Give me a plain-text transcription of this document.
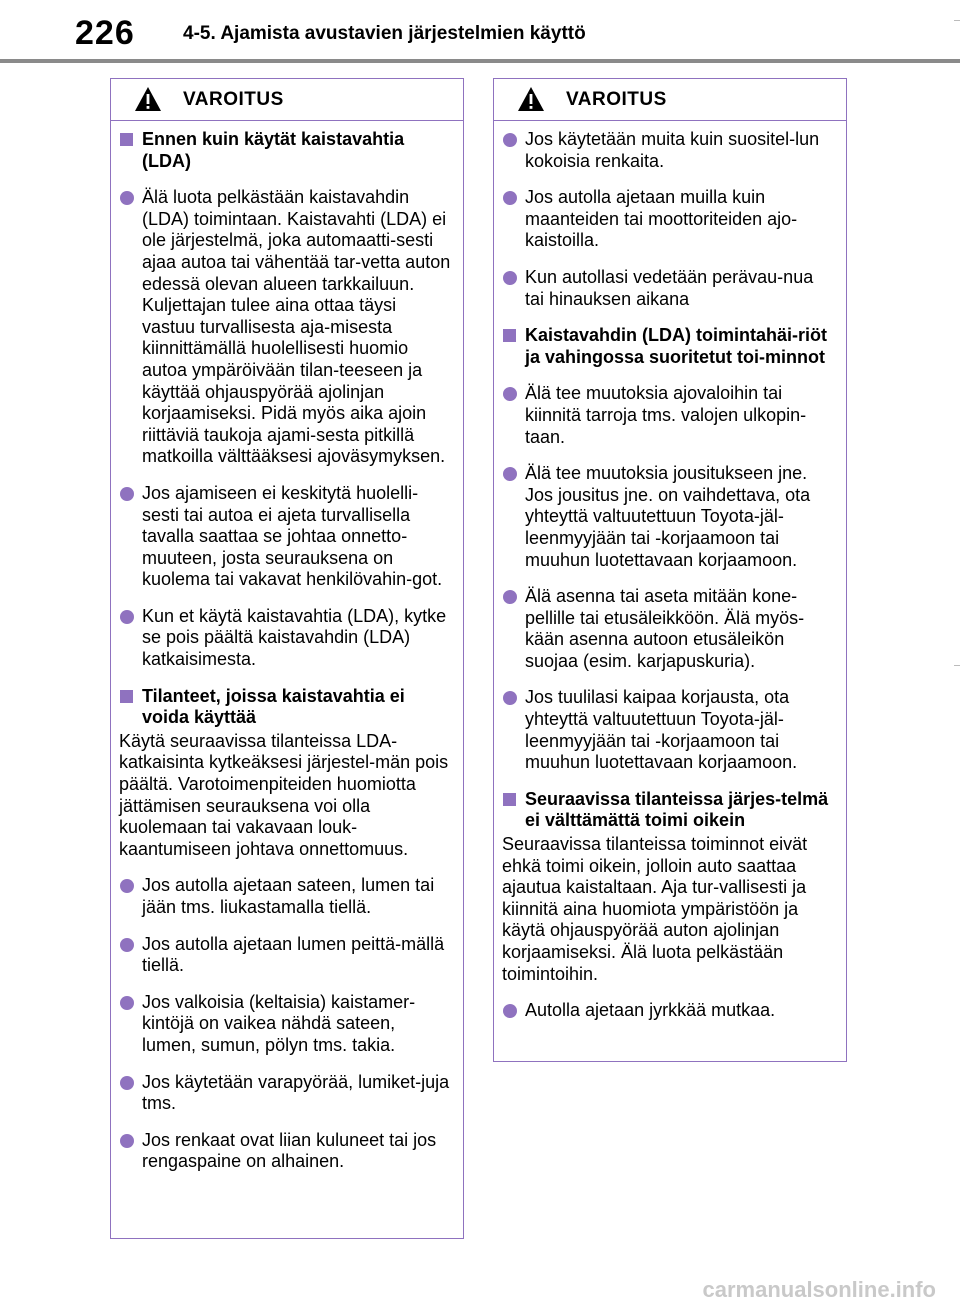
226	4-5. Ajamista avustavien järjestelmien käyttö
VAROITUS
Ennen kuin käytät kaistavahtia (LDA)
Älä luota pelkästään kaistavahdin (LDA) toimintaan. Kaistavahti (LDA) ei ole järjestelmä, joka automaatti-sesti ajaa autoa tai vähentää tar-vetta auton edessä olevan alueen tarkkailuun. Kuljettajan tulee aina ottaa täysi vastuu turvallisesta aja-misesta kiinnittämällä huolellisesti huomio autoa ympäröivään tilan-teeseen ja käyttää ohjauspyörää ajolinjan korjaamiseksi. Pidä myös aika ajoin riittäviä taukoja ajami-sesta pitkillä matkoilla välttääksesi ajoväsymyksen.
Jos ajamiseen ei keskitytä huolelli-sesti tai autoa ei ajeta turvallisella tavalla saattaa se johtaa onnetto-muuteen, josta seurauksena on kuolema tai vakavat henkilövahin-got.
Kun et käytä kaistavahtia (LDA), kytke se pois päältä kaistavahdin (LDA) katkaisimesta.
Tilanteet, joissa kaistavahtia ei voida käyttää
Käytä seuraavissa tilanteissa LDA-katkaisinta kytkeäksesi järjestel-män pois päältä. Varotoimenpiteiden huomiotta jättämisen seurauksena voi olla kuolemaan tai vakavaan louk-kaantumiseen johtava onnettomuus.
Jos autolla ajetaan sateen, lumen tai jään tms. liukastamalla tiellä.
Jos autolla ajetaan lumen peittä-mällä tiellä.
Jos valkoisia (keltaisia) kaistamer-kintöjä on vaikea nähdä sateen, lumen, sumun, pölyn tms. takia.
Jos käytetään varapyörää, lumiket-juja tms.
Jos renkaat ovat liian kuluneet tai jos rengaspaine on alhainen.
VAROITUS
Jos käytetään muita kuin suositel-lun kokoisia renkaita.
Jos autolla ajetaan muilla kuin maanteiden tai moottoriteiden ajo-kaistoilla.
Kun autollasi vedetään perävau-nua tai hinauksen aikana
Kaistavahdin (LDA) toimintahäi-riöt ja vahingossa suoritetut toi-minnot
Älä tee muutoksia ajovaloihin tai kiinnitä tarroja tms. valojen ulkopin-taan.
Älä tee muutoksia jousitukseen jne. Jos jousitus jne. on vaihdettava, ota yhteyttä valtuutettuun Toyota-jäl-leenmyyjään tai -korjaamoon tai muuhun luotettavaan korjaamoon.
Älä asenna tai aseta mitään kone-pellille tai etusäleikköön. Älä myös-kään asenna autoon etusäleikön suojaa (esim. karjapuskuria).
Jos tuulilasi kaipaa korjausta, ota yhteyttä valtuutettuun Toyota-jäl-leenmyyjään tai -korjaamoon tai muuhun luotettavaan korjaamoon.
Seuraavissa tilanteissa järjes-telmä ei välttämättä toimi oikein
Seuraavissa tilanteissa toiminnot eivät ehkä toimi oikein, jolloin auto saattaa ajautua kaistaltaan. Aja tur-vallisesti ja kiinnitä aina huomiota ympäristöön ja käytä ohjauspyörää auton ajolinjan korjaamiseksi. Älä luota pelkästään toimintoihin.
Autolla ajetaan jyrkkää mutkaa.
carmanualsonline.info
